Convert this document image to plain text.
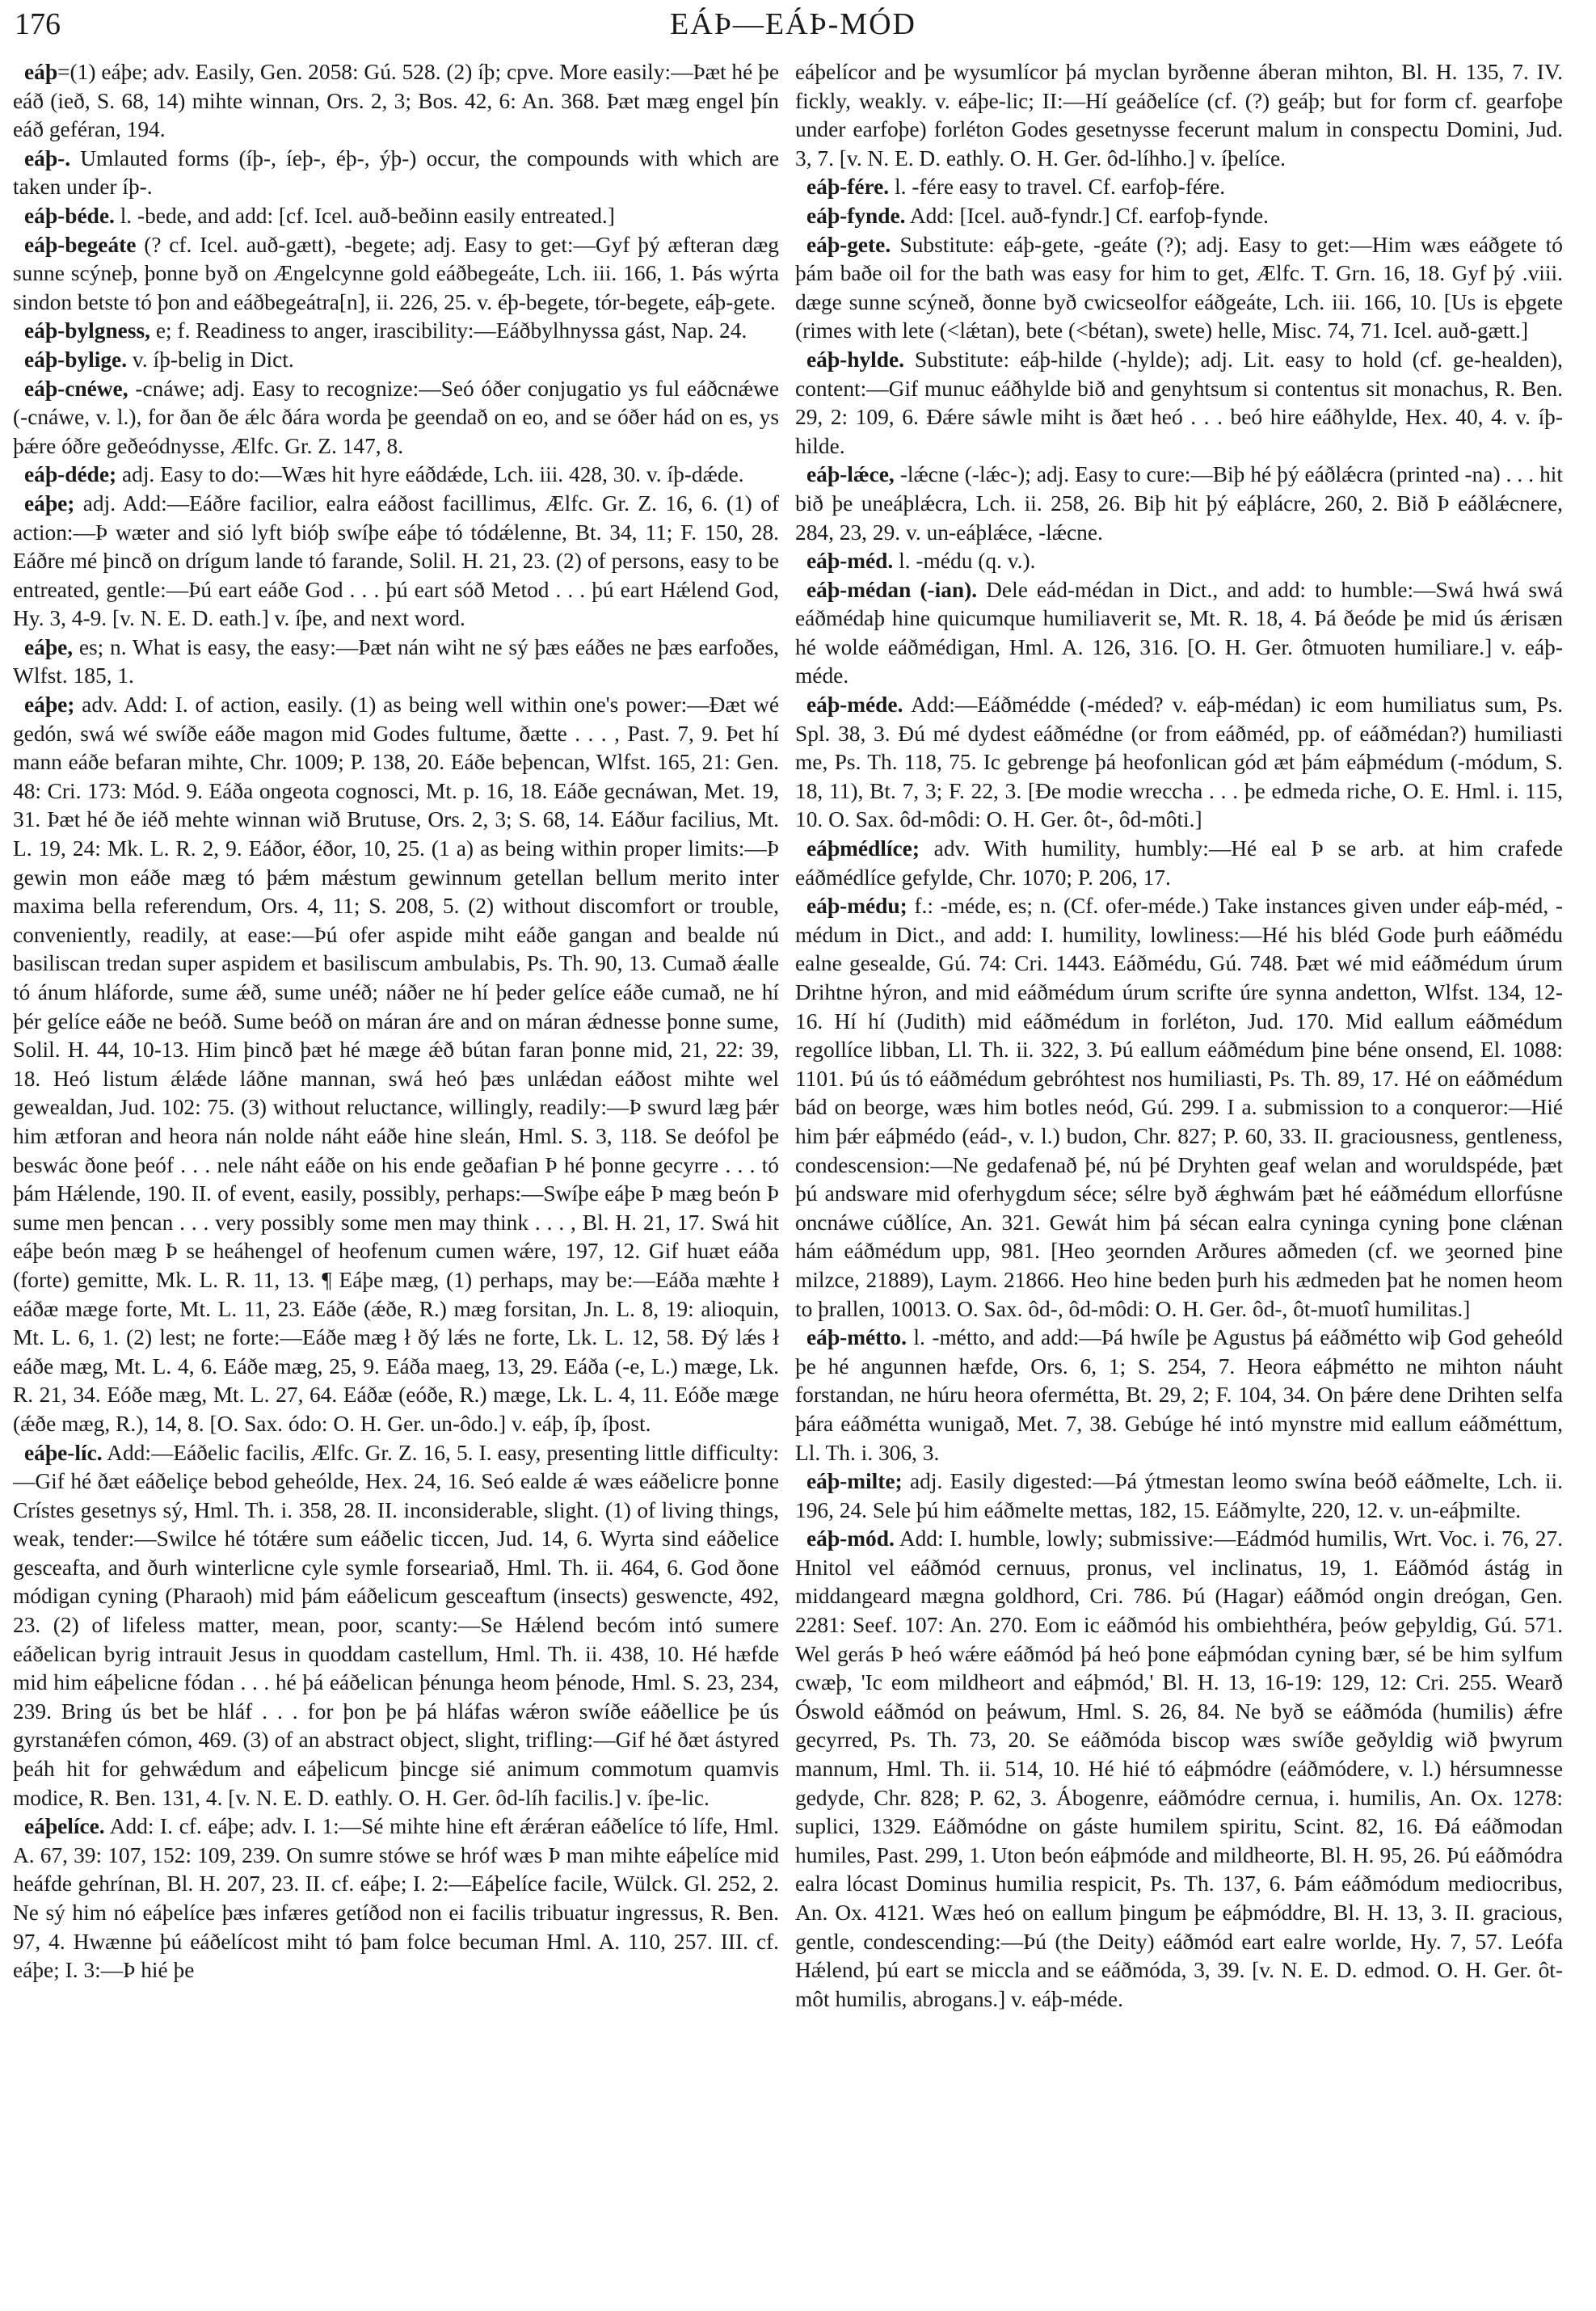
176	EÁÞ—EÁÞ-MÓD

eáþ=(1) eáþe; adv. Easily, Gen. 2058: Gú. 528. (2) íþ; cpve. More easily:—Þæt hé þe eáð (ieð, S. 68, 14) mihte winnan, Ors. 2, 3; Bos. 42, 6: An. 368. Þæt mæg engel þín eáð geféran, 194.

eáþ-. Umlauted forms (íþ-, íeþ-, éþ-, ýþ-) occur, the compounds with which are taken under íþ-.

eáþ-béde. l. -bede, and add: [cf. Icel. auð-beðinn easily entreated.]

eáþ-begeáte (? cf. Icel. auð-gætt), -begete; adj. Easy to get:—Gyf þý æfteran dæg sunne scýneþ, þonne byð on Ængelcynne gold eáðbegeáte, Lch. iii. 166, 1. Þás wýrta sindon betste tó þon and eáðbegeátra[n], ii. 226, 25. v. éþ-begete, tór-begete, eáþ-gete.

eáþ-bylgness, e; f. Readiness to anger, irascibility:—Eáðbylhnyssa gást, Nap. 24.

eáþ-bylige. v. íþ-belig in Dict.

eáþ-cnéwe, -cnáwe; adj. Easy to recognize:—Seó óðer conjugatio ys ful eáðcnǽwe (-cnáwe, v. l.), for ðan ðe ǽlc ðára worda þe geendað on eo, and se óðer hád on es, ys þǽre óðre geðeódnysse, Ælfc. Gr. Z. 147, 8.

eáþ-déde; adj. Easy to do:—Wæs hit hyre eáðdǽde, Lch. iii. 428, 30. v. íþ-dǽde.

eáþe; adj. Add:—Eáðre facilior, ealra eáðost facillimus, Ælfc. Gr. Z. 16, 6. (1) of action:—Þ wæter and sió lyft bióþ swíþe eáþe tó tódǽlenne, Bt. 34, 11; F. 150, 28. Eáðre mé þincð on drígum lande tó farande, Solil. H. 21, 23. (2) of persons, easy to be entreated, gentle:—Þú eart eáðe God . . . þú eart sóð Metod . . . þú eart Hǽlend God, Hy. 3, 4-9. [v. N. E. D. eath.] v. íþe, and next word.

eáþe, es; n. What is easy, the easy:—Þæt nán wiht ne sý þæs eáðes ne þæs earfoðes, Wlfst. 185, 1.

eáþe; adv. Add: I. of action, easily. (1) as being well within one's power:—Ðæt wé gedón, swá wé swíðe eáðe magon mid Godes fultume, ðætte . . . , Past. 7, 9. Þet hí mann eáðe befaran mihte, Chr. 1009; P. 138, 20. Eáðe beþencan, Wlfst. 165, 21: Gen. 48: Cri. 173: Mód. 9. Eáða ongeota cognosci, Mt. p. 16, 18. Eáðe gecnáwan, Met. 19, 31. Þæt hé ðe iéð mehte winnan wið Brutuse, Ors. 2, 3; S. 68, 14. Eáður facilius, Mt. L. 19, 24: Mk. L. R. 2, 9. Eáðor, éðor, 10, 25. (1 a) as being within proper limits:—Þ gewin mon eáðe mæg tó þǽm mǽstum gewinnum getellan bellum merito inter maxima bella referendum, Ors. 4, 11; S. 208, 5. (2) without discomfort or trouble, conveniently, readily, at ease:—Þú ofer aspide miht eáðe gangan and bealde nú basiliscan tredan super aspidem et basiliscum ambulabis, Ps. Th. 90, 13. Cumað ǽalle tó ánum hláforde, sume ǽð, sume unéð; náðer ne hí þeder gelíce eáðe cumað, ne hí þér gelíce eáðe ne beóð. Sume beóð on máran áre and on máran ǽdnesse þonne sume, Solil. H. 44, 10-13. Him þincð þæt hé mæge ǽð bútan faran þonne mid, 21, 22: 39, 18. Heó listum ǽlǽde láðne mannan, swá heó þæs unlǽdan eáðost mihte wel gewealdan, Jud. 102: 75. (3) without reluctance, willingly, readily:—Þ swurd læg þǽr him ætforan and heora nán nolde náht eáðe hine sleán, Hml. S. 3, 118. Se deófol þe beswác ðone þeóf . . . nele náht eáðe on his ende geðafian Þ hé þonne gecyrre . . . tó þám Hǽlende, 190. II. of event, easily, possibly, perhaps:—Swíþe eáþe Þ mæg beón Þ sume men þencan . . . very possibly some men may think . . . , Bl. H. 21, 17. Swá hit eáþe beón mæg Þ se heáhengel of heofenum cumen wǽre, 197, 12. Gif huæt eáða (forte) gemitte, Mk. L. R. 11, 13. ¶ Eáþe mæg, (1) perhaps, may be:—Eáða mæhte ł eáðæ mæge forte, Mt. L. 11, 23. Eáðe (ǽðe, R.) mæg forsitan, Jn. L. 8, 19: alioquin, Mt. L. 6, 1. (2) lest; ne forte:—Eáðe mæg ł ðý lǽs ne forte, Lk. L. 12, 58. Ðý lǽs ł eáðe mæg, Mt. L. 4, 6. Eáðe mæg, 25, 9. Eáða maeg, 13, 29. Eáða (-e, L.) mæge, Lk. R. 21, 34. Eóðe mæg, Mt. L. 27, 64. Eáðæ (eóðe, R.) mæge, Lk. L. 4, 11. Eóðe mæge (ǽðe mæg, R.), 14, 8. [O. Sax. ódo: O. H. Ger. un-ôdo.] v. eáþ, íþ, íþost.

eáþe-líc. Add:—Eáðelic facilis, Ælfc. Gr. Z. 16, 5. I. easy, presenting little difficulty:—Gif hé ðæt eáðeliçe bebod geheólde, Hex. 24, 16. Seó ealde ǽ wæs eáðelicre þonne Crístes gesetnys sý, Hml. Th. i. 358, 28. II. inconsiderable, slight. (1) of living things, weak, tender:—Swilce hé tótǽre sum eáðelic ticcen, Jud. 14, 6. Wyrta sind eáðelice gesceafta, and ðurh winterlicne cyle symle forseariað, Hml. Th. ii. 464, 6. God ðone módigan cyning (Pharaoh) mid þám eáðelicum gesceaftum (insects) geswencte, 492, 23. (2) of lifeless matter, mean, poor, scanty:—Se Hǽlend becóm intó sumere eáðelican byrig intrauit Jesus in quoddam castellum, Hml. Th. ii. 438, 10. Hé hæfde mid him eáþelicne fódan . . . hé þá eáðelican þénunga heom þénode, Hml. S. 23, 234, 239. Bring ús bet be hláf . . . for þon þe þá hláfas wǽron swíðe eáðellice þe ús gyrstanǽfen cómon, 469. (3) of an abstract object, slight, trifling:—Gif hé ðæt ástyred þeáh hit for gehwǽdum and eáþelicum þincge sié animum commotum quamvis modice, R. Ben. 131, 4. [v. N. E. D. eathly. O. H. Ger. ôd-líh facilis.] v. íþe-lic.

eáþelíce. Add: I. cf. eáþe; adv. I. 1:—Sé mihte hine eft ǽrǽran eáðelíce tó lífe, Hml. A. 67, 39: 107, 152: 109, 239. On sumre stówe se hróf wæs Þ man mihte eáþelíce mid heáfde gehrínan, Bl. H. 207, 23. II. cf. eáþe; I. 2:—Eáþelíce facile, Wülck. Gl. 252, 2. Ne sý him nó eáþelíce þæs infæres getíðod non ei facilis tribuatur ingressus, R. Ben. 97, 4. Hwænne þú eáðelícost miht tó þam folce becuman Hml. A. 110, 257. III. cf. eáþe; I. 3:—Þ hié þe

eáþelícor and þe wysumlícor þá myclan byrðenne áberan mihton, Bl. H. 135, 7. IV. fickly, weakly. v. eáþe-lic; II:—Hí geáðelíce (cf. (?) geáþ; but for form cf. gearfoþe under earfoþe) forléton Godes gesetnysse fecerunt malum in conspectu Domini, Jud. 3, 7. [v. N. E. D. eathly. O. H. Ger. ôd-líhho.] v. íþelíce.

eáþ-fére. l. -fére easy to travel. Cf. earfoþ-fére.

eáþ-fynde. Add: [Icel. auð-fyndr.] Cf. earfoþ-fynde.

eáþ-gete. Substitute: eáþ-gete, -geáte (?); adj. Easy to get:—Him wæs eáðgete tó þám baðe oil for the bath was easy for him to get, Ælfc. T. Grn. 16, 18. Gyf þý .viii. dæge sunne scýneð, ðonne byð cwicseolfor eáðgeáte, Lch. iii. 166, 10. [Us is eþgete (rimes with lete (<lǽtan), bete (<bétan), swete) helle, Misc. 74, 71. Icel. auð-gætt.]

eáþ-hylde. Substitute: eáþ-hilde (-hylde); adj. Lit. easy to hold (cf. ge-healden), content:—Gif munuc eáðhylde bið and genyhtsum si contentus sit monachus, R. Ben. 29, 2: 109, 6. Ðǽre sáwle miht is ðæt heó . . . beó hire eáðhylde, Hex. 40, 4. v. íþ-hilde.

eáþ-lǽce, -lǽcne (-lǽc-); adj. Easy to cure:—Biþ hé þý eáðlǽcra (printed -na) . . . hit bið þe uneáþlǽcra, Lch. ii. 258, 26. Biþ hit þý eáþlácre, 260, 2. Bið Þ eáðlǽcnere, 284, 23, 29. v. un-eáþlǽce, -lǽcne.

eáþ-méd. l. -médu (q. v.).

eáþ-médan (-ian). Dele eád-médan in Dict., and add: to humble:—Swá hwá swá eáðmédaþ hine quicumque humiliaverit se, Mt. R. 18, 4. Þá ðeóde þe mid ús ǽrisæn hé wolde eáðmédigan, Hml. A. 126, 316. [O. H. Ger. ôtmuoten humiliare.] v. eáþ-méde.

eáþ-méde. Add:—Eáðmédde (-méded? v. eáþ-médan) ic eom humiliatus sum, Ps. Spl. 38, 3. Ðú mé dydest eáðmédne (or from eáðméd, pp. of eáðmédan?) humiliasti me, Ps. Th. 118, 75. Ic gebrenge þá heofonlican gód æt þám eáþmédum (-módum, S. 18, 11), Bt. 7, 3; F. 22, 3. [Ðe modie wreccha . . . þe edmeda riche, O. E. Hml. i. 115, 10. O. Sax. ôd-môdi: O. H. Ger. ôt-, ôd-môti.]

eáþmédlíce; adv. With humility, humbly:—Hé eal Þ se arb. at him crafede eáðmédlíce gefylde, Chr. 1070; P. 206, 17.

eáþ-médu; f.: -méde, es; n. (Cf. ofer-méde.) Take instances given under eáþ-méd, -médum in Dict., and add: I. humility, lowliness:—Hé his bléd Gode þurh eáðmédu ealne gesealde, Gú. 74: Cri. 1443. Eáðmédu, Gú. 748. Þæt wé mid eáðmédum úrum Drihtne hýron, and mid eáðmédum úrum scrifte úre synna andetton, Wlfst. 134, 12-16. Hí hí (Judith) mid eáðmédum in forléton, Jud. 170. Mid eallum eáðmédum regollíce libban, Ll. Th. ii. 322, 3. Þú eallum eáðmédum þine béne onsend, El. 1088: 1101. Þú ús tó eáðmédum gebróhtest nos humiliasti, Ps. Th. 89, 17. Hé on eáðmédum bád on beorge, wæs him botles neód, Gú. 299. I a. submission to a conqueror:—Hié him þǽr eáþmédo (eád-, v. l.) budon, Chr. 827; P. 60, 33. II. graciousness, gentleness, condescension:—Ne gedafenað þé, nú þé Dryhten geaf welan and woruldspéde, þæt þú andsware mid oferhygdum séce; sélre byð ǽghwám þæt hé eáðmédum ellorfúsne oncnáwe cúðlíce, An. 321. Gewát him þá sécan ealra cyninga cyning þone clǽnan hám eáðmédum upp, 981. [Heo ȝeornden Arðures aðmeden (cf. we ȝeorned þine milzce, 21889), Laym. 21866. Heo hine beden þurh his ædmeden þat he nomen heom to þrallen, 10013. O. Sax. ôd-, ôd-môdi: O. H. Ger. ôd-, ôt-muotî humilitas.]

eáþ-métto. l. -métto, and add:—Þá hwíle þe Agustus þá eáðmétto wiþ God geheóld þe hé angunnen hæfde, Ors. 6, 1; S. 254, 7. Heora eáþmétto ne mihton náuht forstandan, ne húru heora ofermétta, Bt. 29, 2; F. 104, 34. On þǽre dene Drihten selfa þára eáðmétta wunigað, Met. 7, 38. Gebúge hé intó mynstre mid eallum eáðméttum, Ll. Th. i. 306, 3.

eáþ-milte; adj. Easily digested:—Þá ýtmestan leomo swína beóð eáðmelte, Lch. ii. 196, 24. Sele þú him eáðmelte mettas, 182, 15. Eáðmylte, 220, 12. v. un-eáþmilte.

eáþ-mód. Add: I. humble, lowly; submissive:—Eádmód humilis, Wrt. Voc. i. 76, 27. Hnitol vel eáðmód cernuus, pronus, vel inclinatus, 19, 1. Eáðmód ástág in middangeard mægna goldhord, Cri. 786. Þú (Hagar) eáðmód ongin dreógan, Gen. 2281: Seef. 107: An. 270. Eom ic eáðmód his ombiehthéra, þeów geþyldig, Gú. 571. Wel gerás Þ heó wǽre eáðmód þá heó þone eáþmódan cyning bær, sé be him sylfum cwæþ, 'Ic eom mildheort and eáþmód,' Bl. H. 13, 16-19: 129, 12: Cri. 255. Wearð Óswold eáðmód on þeáwum, Hml. S. 26, 84. Ne byð se eáðmóda (humilis) ǽfre gecyrred, Ps. Th. 73, 20. Se eáðmóda biscop wæs swíðe geðyldig wið þwyrum mannum, Hml. Th. ii. 514, 10. Hé hié tó eáþmódre (eáðmódere, v. l.) hérsumnesse gedyde, Chr. 828; P. 62, 3. Ábogenre, eáðmódre cernua, i. humilis, An. Ox. 1278: suplici, 1329. Eáðmódne on gáste humilem spiritu, Scint. 82, 16. Ðá eáðmodan humiles, Past. 299, 1. Uton beón eáþmóde and mildheorte, Bl. H. 95, 26. Þú eáðmódra ealra lócast Dominus humilia respicit, Ps. Th. 137, 6. Þám eáðmódum mediocribus, An. Ox. 4121. Wæs heó on eallum þingum þe eáþmóddre, Bl. H. 13, 3. II. gracious, gentle, condescending:—Þú (the Deity) eáðmód eart ealre worlde, Hy. 7, 57. Leófa Hǽlend, þú eart se miccla and se eáðmóda, 3, 39. [v. N. E. D. edmod. O. H. Ger. ôt-môt humilis, abrogans.] v. eáþ-méde.
